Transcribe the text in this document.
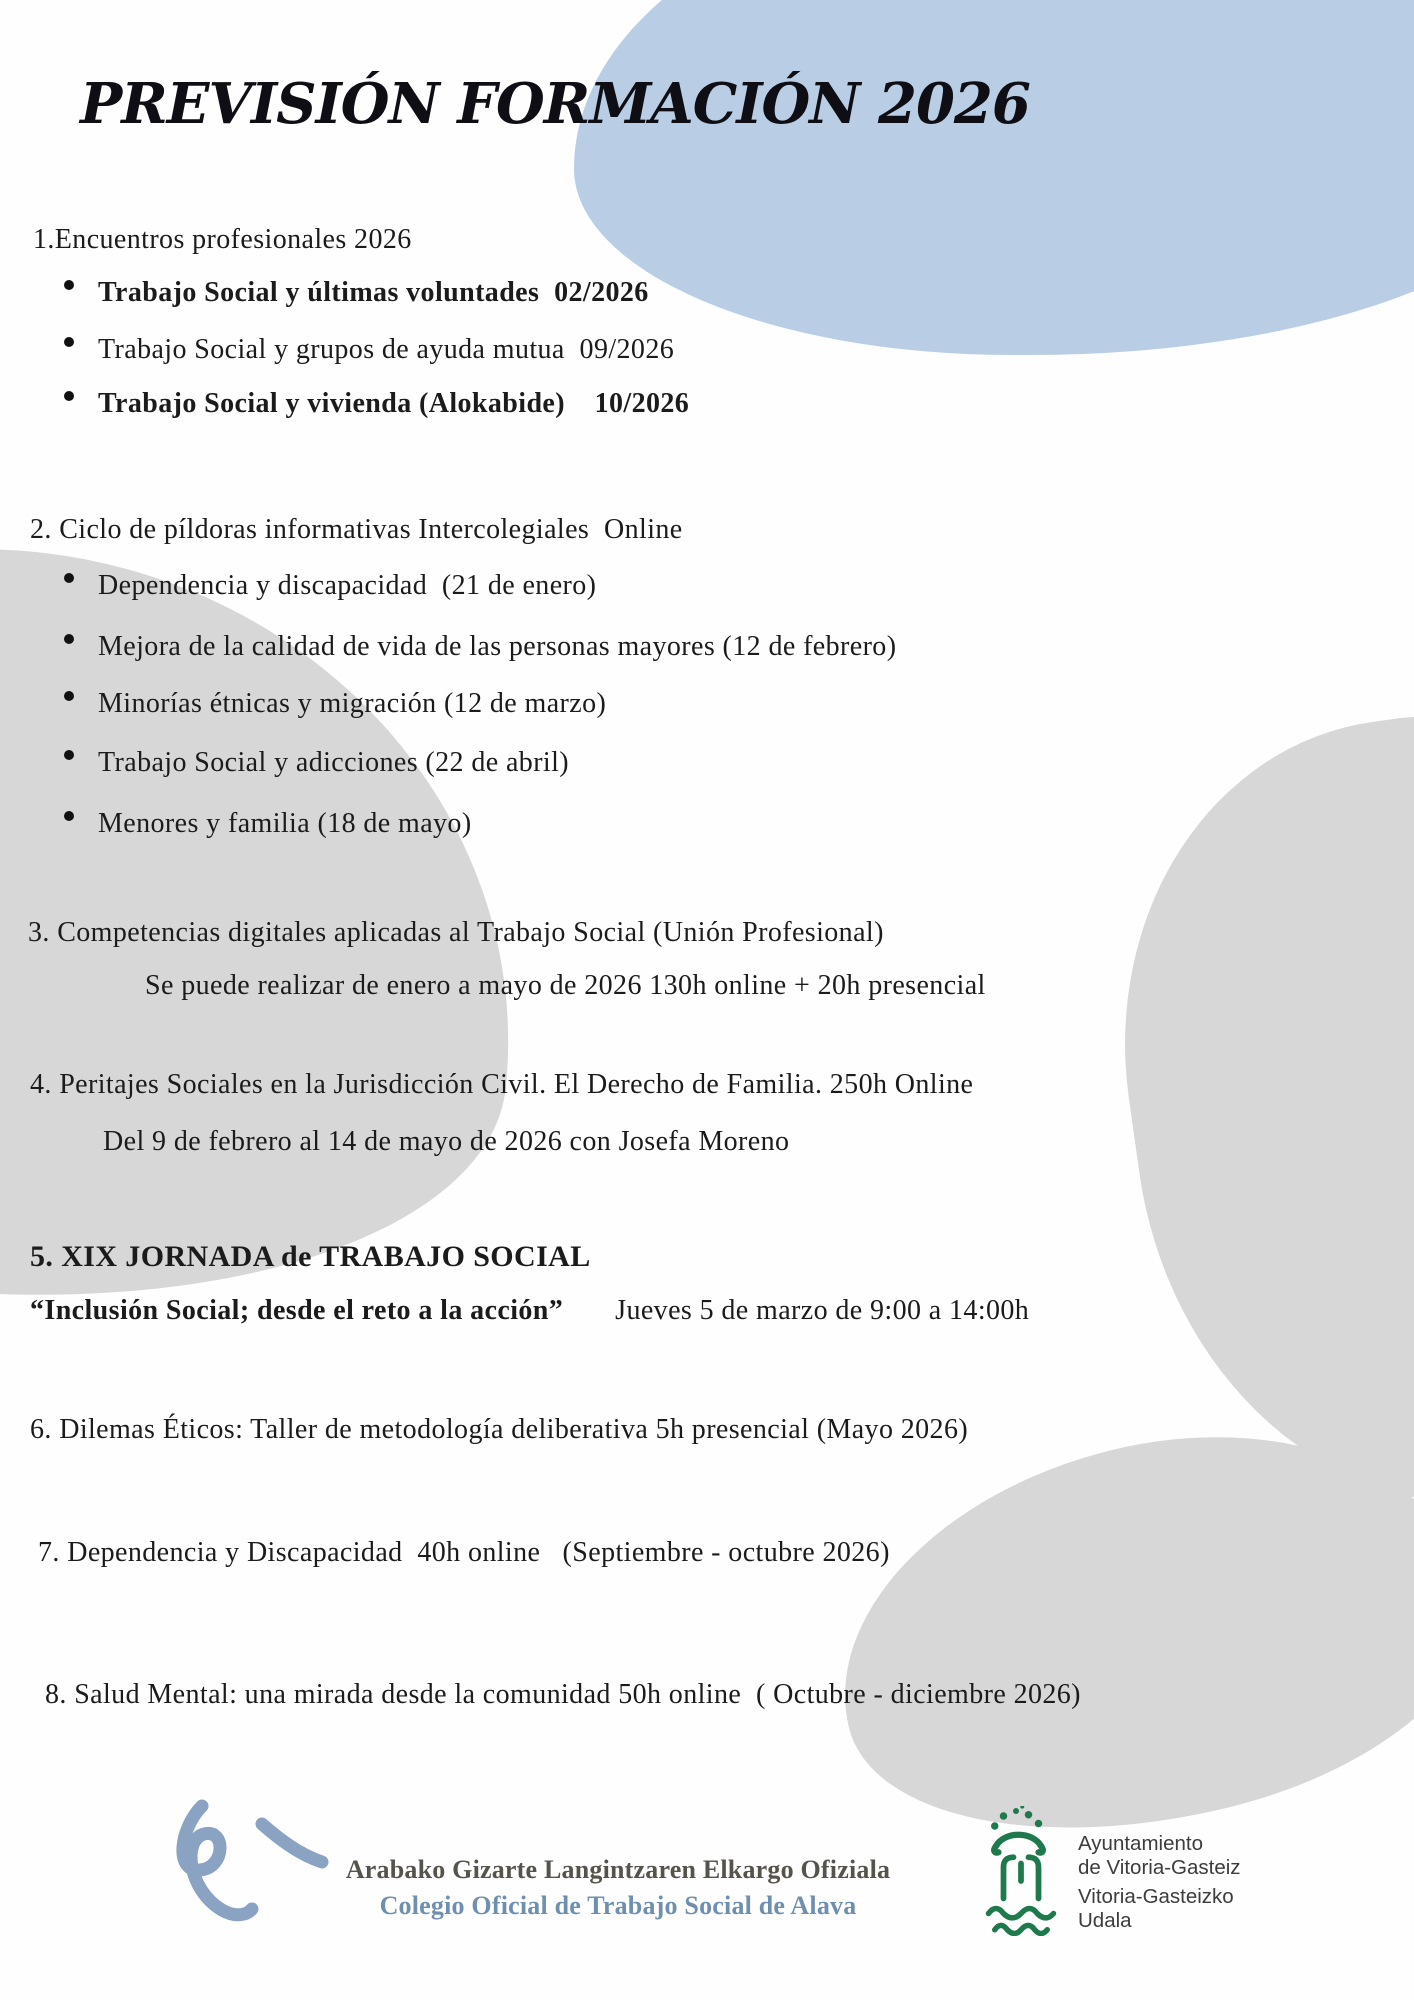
PREVISIÓN FORMACIÓN 2026
1.Encuentros profesionales 2026
Trabajo Social y últimas voluntades  02/2026
Trabajo Social y grupos de ayuda mutua  09/2026
Trabajo Social y vivienda (Alokabide)    10/2026
2. Ciclo de píldoras informativas Intercolegiales  Online
Dependencia y discapacidad  (21 de enero)
Mejora de la calidad de vida de las personas mayores (12 de febrero)
Minorías étnicas y migración (12 de marzo)
Trabajo Social y adicciones (22 de abril)
Menores y familia (18 de mayo)
3. Competencias digitales aplicadas al Trabajo Social (Unión Profesional)
Se puede realizar de enero a mayo de 2026 130h online + 20h presencial
4. Peritajes Sociales en la Jurisdicción Civil. El Derecho de Familia. 250h Online
Del 9 de febrero al 14 de mayo de 2026 con Josefa Moreno
5. XIX JORNADA de TRABAJO SOCIAL
“Inclusión Social; desde el reto a la acción” Jueves 5 de marzo de 9:00 a 14:00h
6. Dilemas Éticos: Taller de metodología deliberativa 5h presencial (Mayo 2026)
7. Dependencia y Discapacidad  40h online   (Septiembre - octubre 2026)
8. Salud Mental: una mirada desde la comunidad 50h online  ( Octubre - diciembre 2026)
Arabako Gizarte Langintzaren Elkargo Ofiziala
Colegio Oficial de Trabajo Social de Alava
Ayuntamiento
de Vitoria-Gasteiz
Vitoria-Gasteizko
Udala
